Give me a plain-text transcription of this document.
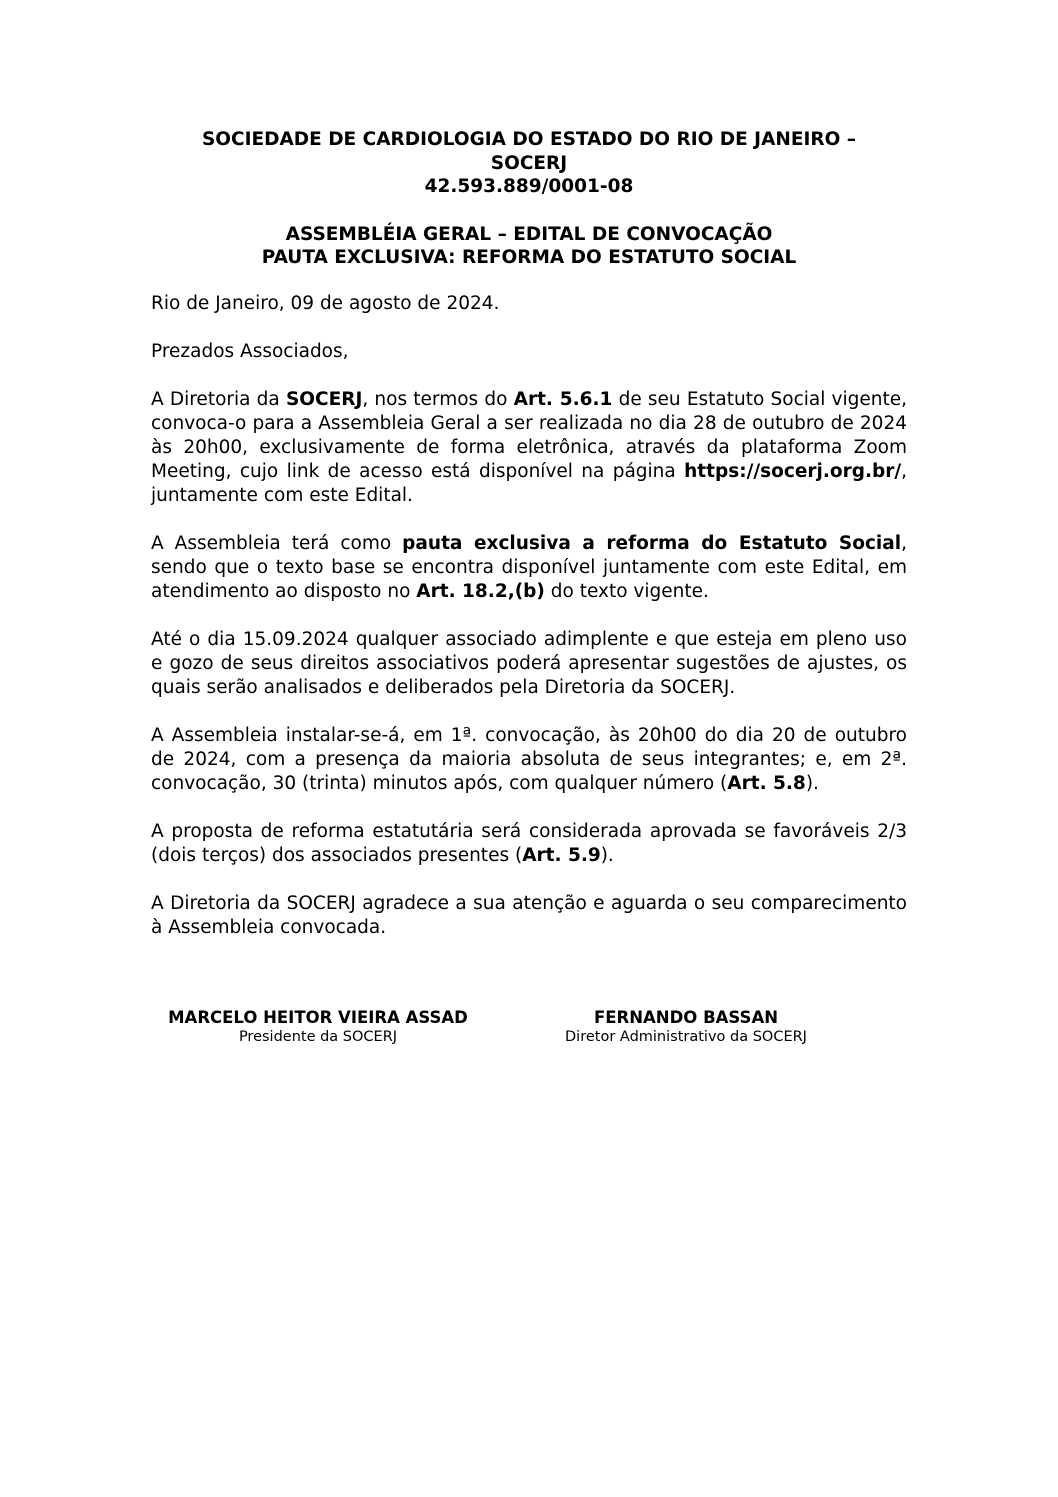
SOCIEDADE DE CARDIOLOGIA DO ESTADO DO RIO DE JANEIRO –
SOCERJ
42.593.889/0001-08
ASSEMBLÉIA GERAL – EDITAL DE CONVOCAÇÃO
PAUTA EXCLUSIVA: REFORMA DO ESTATUTO SOCIAL

Rio de Janeiro, 09 de agosto de 2024.

Prezados Associados,

A Diretoria da SOCERJ, nos termos do Art. 5.6.1 de seu Estatuto Social vigente, convoca-o para a Assembleia Geral a ser realizada no dia 28 de outubro de 2024 às 20h00, exclusivamente de forma eletrônica, através da plataforma Zoom Meeting, cujo link de acesso está disponível na página https://socerj.org.br/, juntamente com este Edital.

A Assembleia terá como pauta exclusiva a reforma do Estatuto Social, sendo que o texto base se encontra disponível juntamente com este Edital, em atendimento ao disposto no Art. 18.2,(b) do texto vigente.

Até o dia 15.09.2024 qualquer associado adimplente e que esteja em pleno uso e gozo de seus direitos associativos poderá apresentar sugestões de ajustes, os quais serão analisados e deliberados pela Diretoria da SOCERJ.

A Assembleia instalar-se-á, em 1ª. convocação, às 20h00 do dia 20 de outubro de 2024, com a presença da maioria absoluta de seus integrantes; e, em 2ª. convocação, 30 (trinta) minutos após, com qualquer número (Art. 5.8).

A proposta de reforma estatutária será considerada aprovada se favoráveis 2/3 (dois terços) dos associados presentes (Art. 5.9).

A Diretoria da SOCERJ agradece a sua atenção e aguarda o seu comparecimento à Assembleia convocada.

MARCELO HEITOR VIEIRA ASSAD
Presidente da SOCERJ
FERNANDO BASSAN
Diretor Administrativo da SOCERJ
